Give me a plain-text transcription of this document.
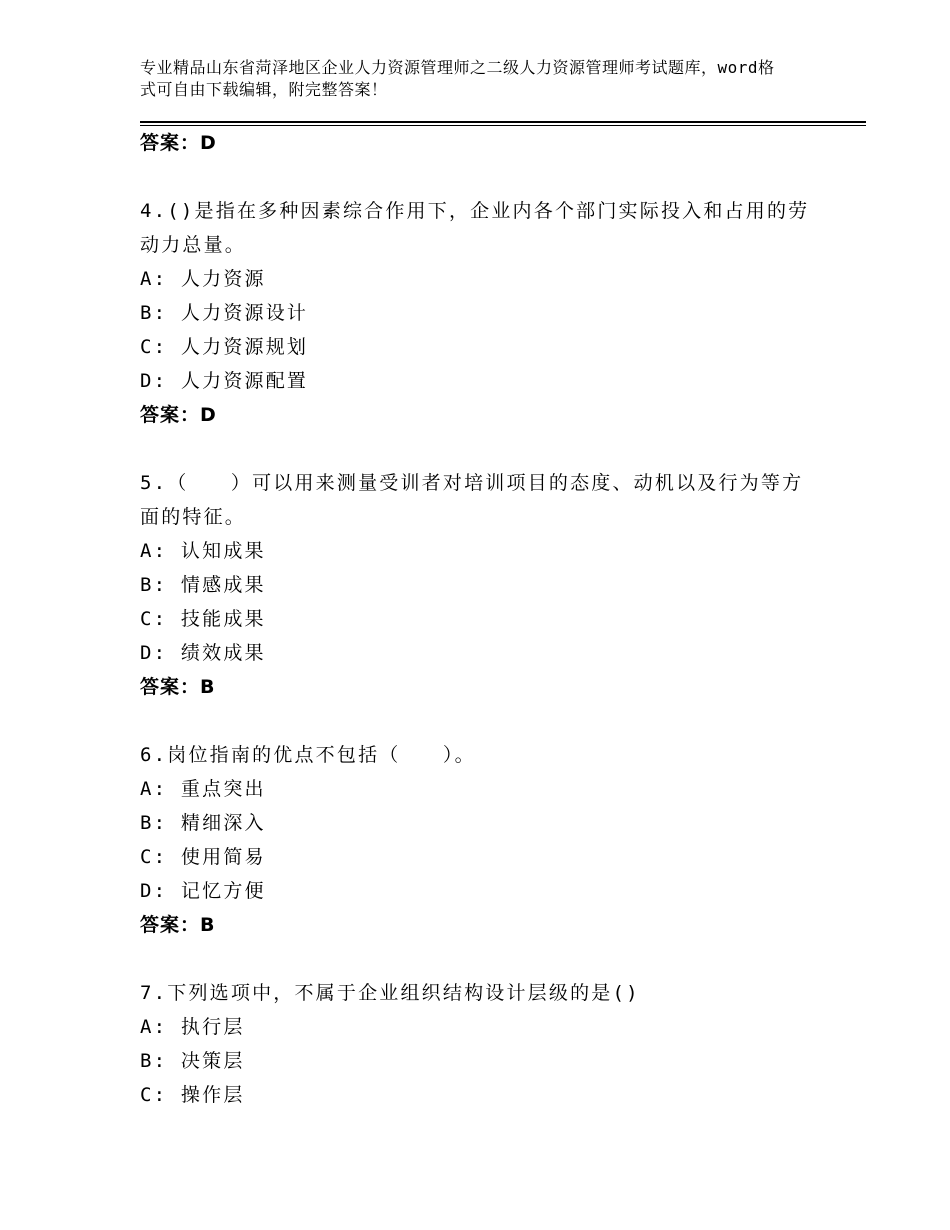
专业精品山东省菏泽地区企业人力资源管理师之二级人力资源管理师考试题库，word格式可自由下载编辑，附完整答案！
答案：D
4.()是指在多种因素综合作用下，企业内各个部门实际投入和占用的劳动力总量。
A: 人力资源
B: 人力资源设计
C: 人力资源规划
D: 人力资源配置
答案：D
5.（　　）可以用来测量受训者对培训项目的态度、动机以及行为等方面的特征。
A: 认知成果
B: 情感成果
C: 技能成果
D: 绩效成果
答案：B
6.岗位指南的优点不包括（　　）。
A: 重点突出
B: 精细深入
C: 使用简易
D: 记忆方便
答案：B
7.下列选项中，不属于企业组织结构设计层级的是()
A: 执行层
B: 决策层
C: 操作层
